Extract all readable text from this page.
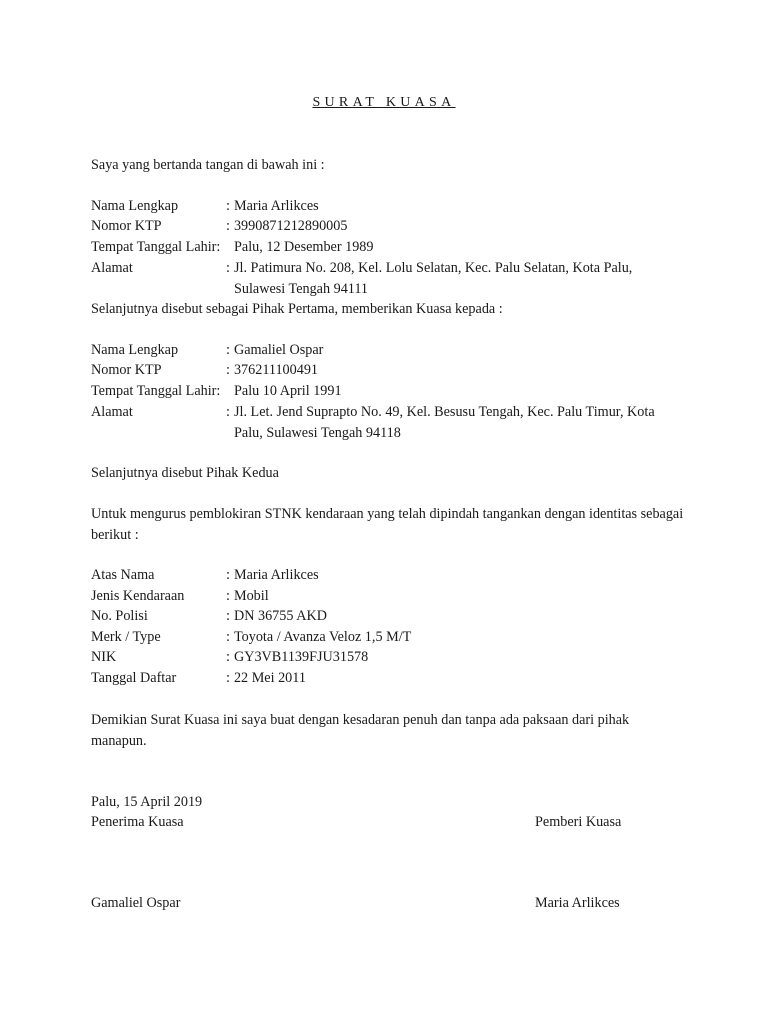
SURAT KUASA
Saya yang bertanda tangan di bawah ini :
Nama Lengkap	: Maria Arlikces
Nomor KTP	: 3990871212890005
Tempat Tanggal Lahir: Palu, 12 Desember 1989
Alamat	: Jl. Patimura No. 208, Kel. Lolu Selatan, Kec. Palu Selatan, Kota Palu, Sulawesi Tengah 94111
Selanjutnya disebut sebagai Pihak Pertama, memberikan Kuasa kepada :
Nama Lengkap	: Gamaliel Ospar
Nomor KTP	: 376211100491
Tempat Tanggal Lahir: Palu 10 April 1991
Alamat	: Jl. Let. Jend Suprapto No. 49, Kel. Besusu Tengah, Kec. Palu Timur, Kota Palu, Sulawesi Tengah 94118
Selanjutnya disebut Pihak Kedua
Untuk mengurus pemblokiran STNK kendaraan yang telah dipindah tangankan dengan identitas sebagai berikut :
Atas Nama	: Maria Arlikces
Jenis Kendaraan	: Mobil
No. Polisi	: DN 36755 AKD
Merk / Type	: Toyota / Avanza Veloz 1,5 M/T
NIK	: GY3VB1139FJU31578
Tanggal Daftar	: 22 Mei 2011
Demikian Surat Kuasa ini saya buat dengan kesadaran penuh dan tanpa ada paksaan dari pihak manapun.
Palu, 15 April 2019
Penerima Kuasa	Pemberi Kuasa
Gamaliel Ospar	Maria Arlikces
